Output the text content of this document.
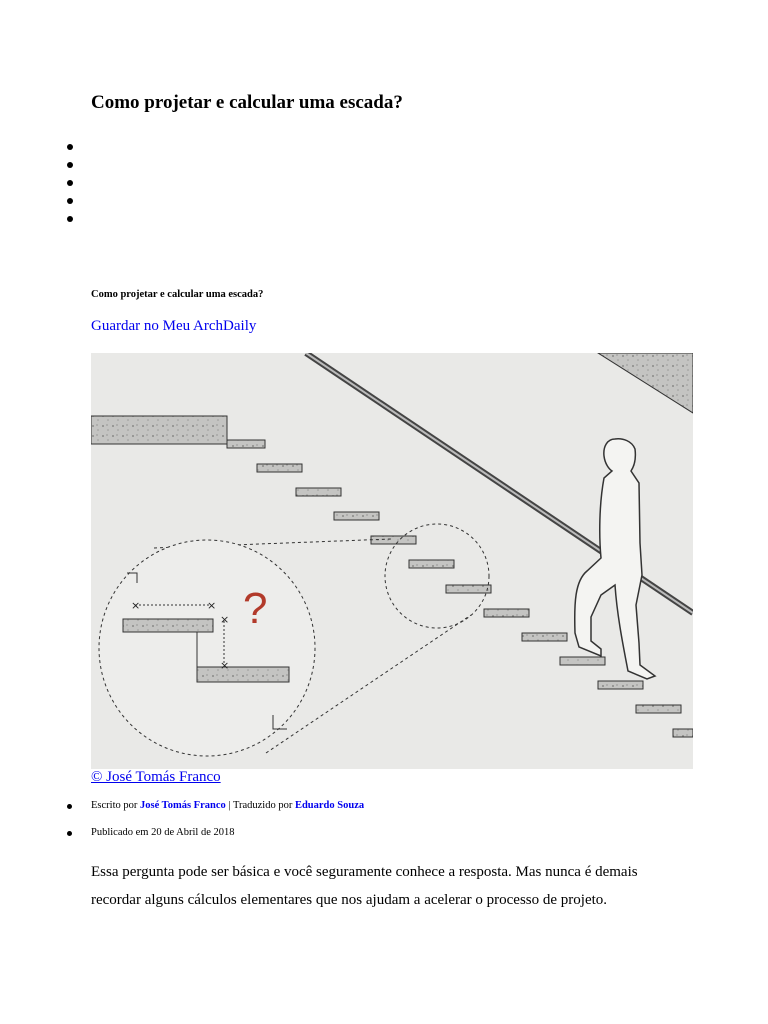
Como projetar e calcular uma escada?

Como projetar e calcular uma escada?

Guardar no Meu ArchDaily
×	×
×
×
?
© José Tomás Franco
Escrito por José Tomás Franco | Traduzido por Eduardo Souza
Publicado em 20 de Abril de 2018

Essa pergunta pode ser básica e você seguramente conhece a resposta. Mas nunca é demais recordar alguns cálculos elementares que nos ajudam a acelerar o processo de projeto.
